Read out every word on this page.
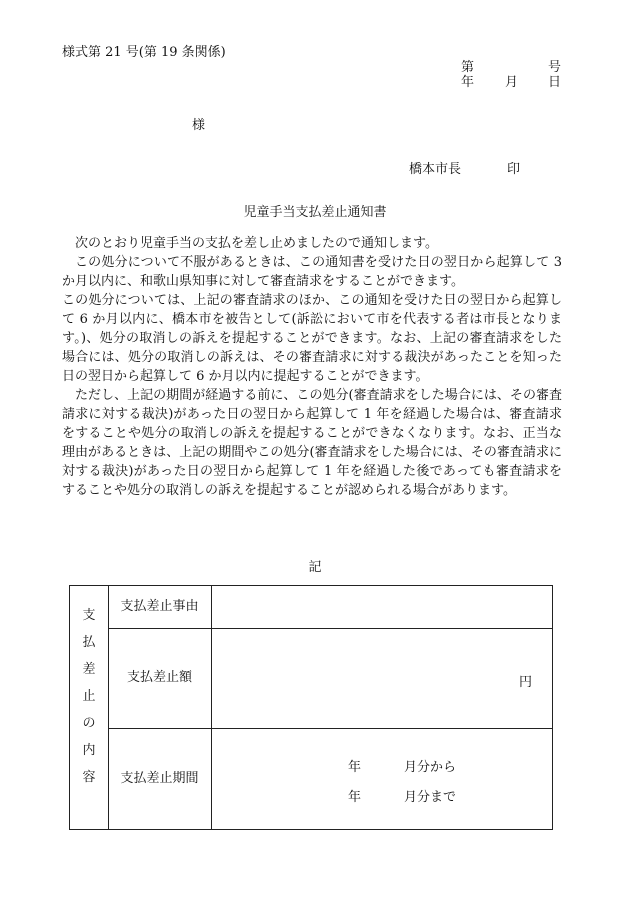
様式第 21 号(第 19 条関係)
第	号
年 月 日
様
橋本市長	印
児童手当支払差止通知書

次のとおり児童手当の支払を差し止めましたので通知します。

この処分について不服があるときは、この通知書を受けた日の翌日から起算して 3 か月以内に、和歌山県知事に対して審査請求をすることができます。

この処分については、上記の審査請求のほか、この通知を受けた日の翌日から起算して 6 か月以内に、橋本市を被告として(訴訟において市を代表する者は市長となります。)、処分の取消しの訴えを提起することができます。なお、上記の審査請求をした場合には、処分の取消しの訴えは、その審査請求に対する裁決があったことを知った日の翌日から起算して 6 か月以内に提起することができます。

ただし、上記の期間が経過する前に、この処分(審査請求をした場合には、その審査請求に対する裁決)があった日の翌日から起算して 1 年を経過した場合は、審査請求をすることや処分の取消しの訴えを提起することができなくなります。なお、正当な理由があるときは、上記の期間やこの処分(審査請求をした場合には、その審査請求に対する裁決)があった日の翌日から起算して 1 年を経過した後であっても審査請求をすることや処分の取消しの訴えを提起することが認められる場合があります。

記
支
払
差
止
の
内
容
支払差止事由
支払差止額	円
支払差止期間
年	月分から
年	月分まで
